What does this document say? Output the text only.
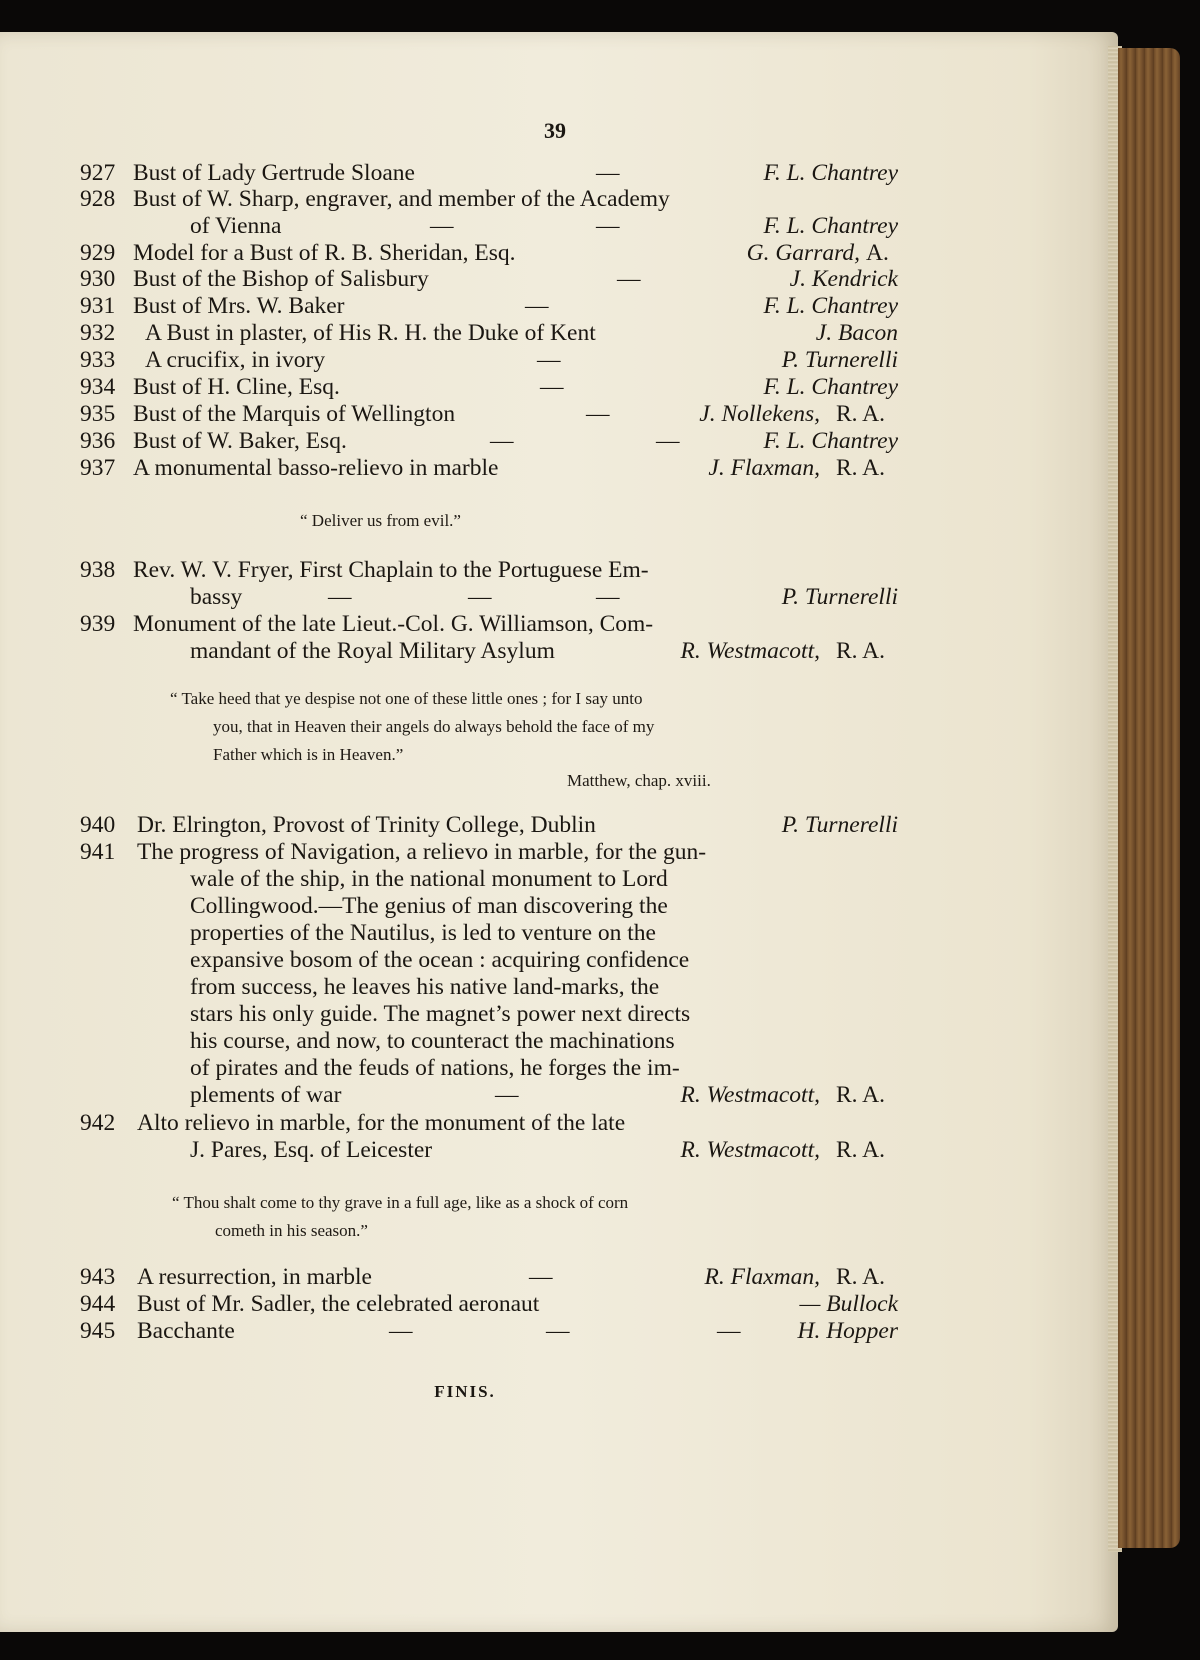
39
927 Bust of Lady Gertrude Sloane	—	F. L. Chantrey
928 Bust of W. Sharp, engraver, and member of the Academy
of Vienna	—	—	F. L. Chantrey
929 Model for a Bust of R. B. Sheridan, Esq.	G. Garrard, A.
930 Bust of the Bishop of Salisbury	—	J. Kendrick
931 Bust of Mrs. W. Baker	—	F. L. Chantrey
932 A Bust in plaster, of His R. H. the Duke of Kent	J. Bacon
933 A crucifix, in ivory	—	P. Turnerelli
934 Bust of H. Cline, Esq.	—	F. L. Chantrey
935 Bust of the Marquis of Wellington	—	J. Nollekens, R. A.
936 Bust of W. Baker, Esq.	—	—	F. L. Chantrey
937 A monumental basso-relievo in marble	J. Flaxman, R. A.
“ Deliver us from evil.”
938 Rev. W. V. Fryer, First Chaplain to the Portuguese Em-
bassy	—	—	—	P. Turnerelli
939 Monument of the late Lieut.-Col. G. Williamson, Com-
mandant of the Royal Military Asylum	R. Westmacott, R. A.
“ Take heed that ye despise not one of these little ones ; for I say unto
you, that in Heaven their angels do always behold the face of my
Father which is in Heaven.”
Matthew, chap. xviii.
940 Dr. Elrington, Provost of Trinity College, Dublin	P. Turnerelli
941 The progress of Navigation, a relievo in marble, for the gun-
wale of the ship, in the national monument to Lord
Collingwood.—The genius of man discovering the
properties of the Nautilus, is led to venture on the
expansive bosom of the ocean : acquiring confidence
from success, he leaves his native land-marks, the
stars his only guide. The magnet’s power next directs
his course, and now, to counteract the machinations
of pirates and the feuds of nations, he forges the im-
plements of war	—	R. Westmacott, R. A.
942 Alto relievo in marble, for the monument of the late
J. Pares, Esq. of Leicester	R. Westmacott, R. A.
“ Thou shalt come to thy grave in a full age, like as a shock of corn
cometh in his season.”
943 A resurrection, in marble	—	R. Flaxman, R. A.
944 Bust of Mr. Sadler, the celebrated aeronaut	— Bullock
945 Bacchante	—	—	—	H. Hopper
FINIS.
